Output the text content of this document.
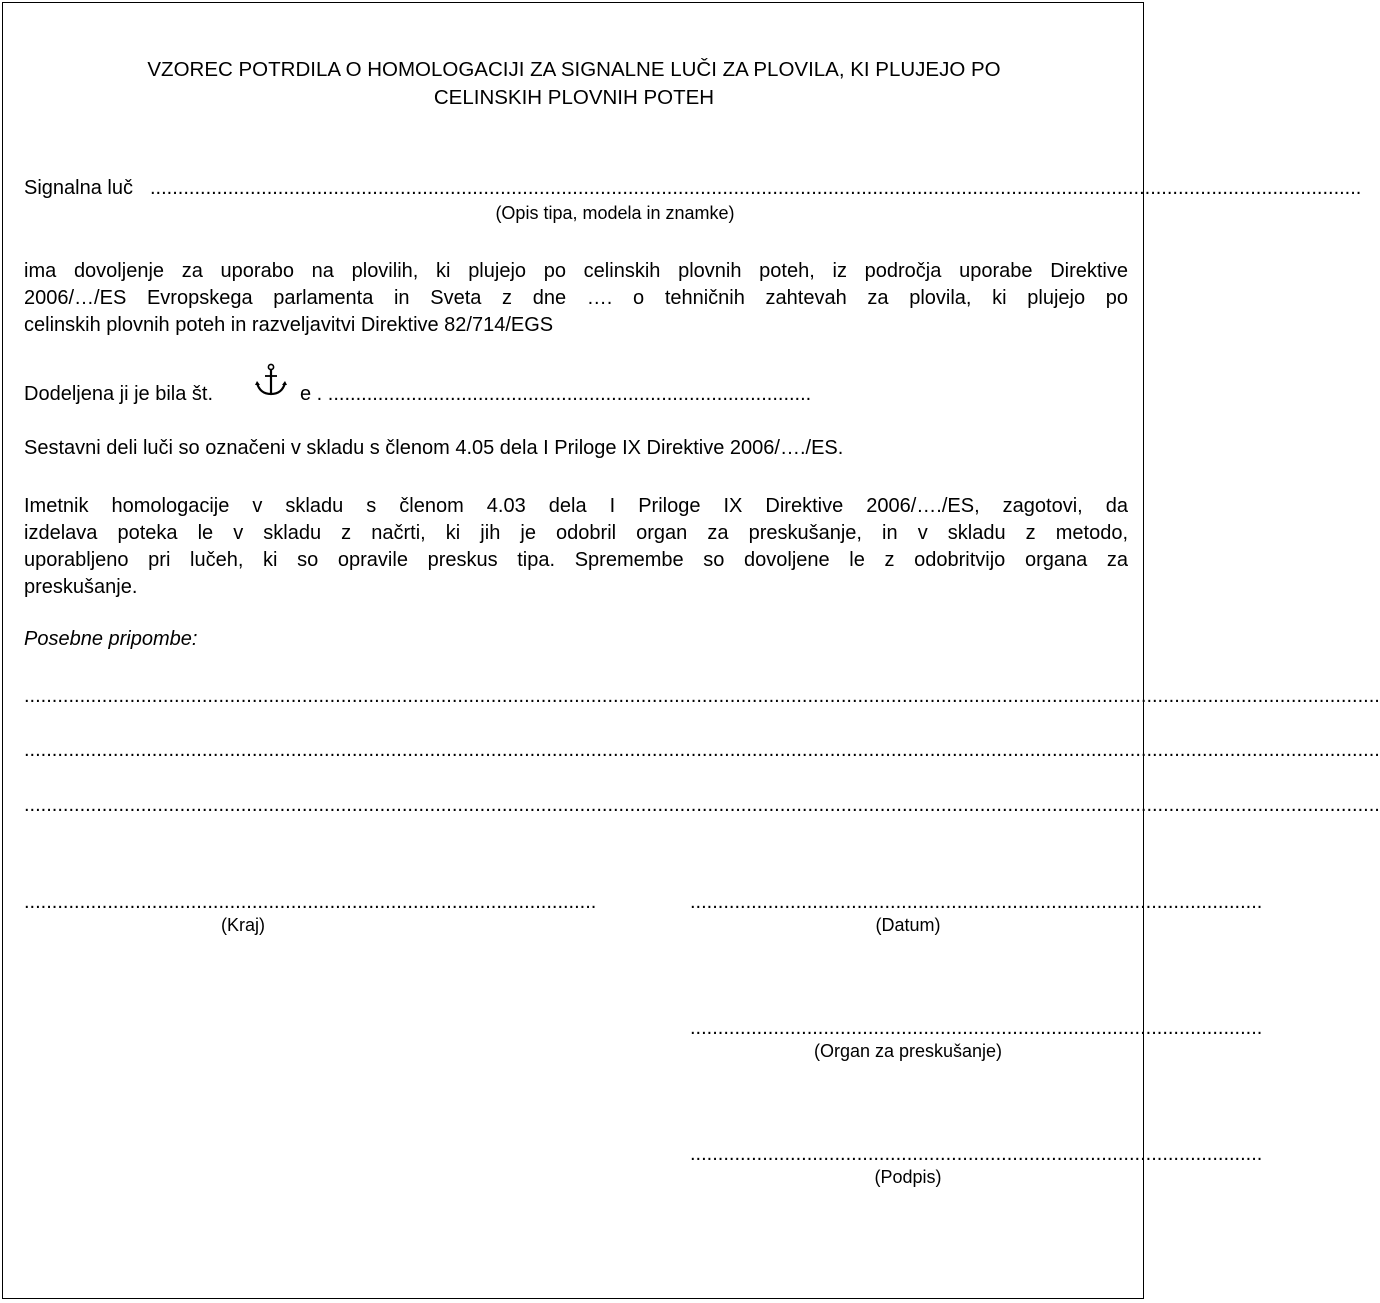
VZOREC POTRDILA O HOMOLOGACIJI ZA SIGNALNE LUČI ZA PLOVILA, KI PLUJEJO PO
CELINSKIH PLOVNIH POTEH
Signalna luč ..........................................................................................................................................................................................................................
(Opis tipa, modela in znamke)
ima dovoljenje za uporabo na plovilih, ki plujejo po celinskih plovnih poteh, iz področja uporabe Direktive
2006/…/ES Evropskega parlamenta in Sveta z dne …. o tehničnih zahtevah za plovila, ki plujejo po
celinskih plovnih poteh in razveljavitvi Direktive 82/714/EGS
Dodeljena ji je bila št.	e . .......................................................................................
Sestavni deli luči so označeni v skladu s členom 4.05 dela I Priloge IX Direktive 2006/…./ES.
Imetnik homologacije v skladu s členom 4.03 dela I Priloge IX Direktive 2006/…./ES, zagotovi, da
izdelava poteka le v skladu z načrti, ki jih je odobril organ za preskušanje, in v skladu z metodo,
uporabljeno pri lučeh, ki so opravile preskus tipa. Spremembe so dovoljene le z odobritvijo organa za
preskušanje.
Posebne pripombe:
....................................................................................................................................................................................................................................................
....................................................................................................................................................................................................................................................
....................................................................................................................................................................................................................................................
.......................................................................................................
(Kraj)
.......................................................................................................
(Datum)
.......................................................................................................
(Organ za preskušanje)
.......................................................................................................
(Podpis)
